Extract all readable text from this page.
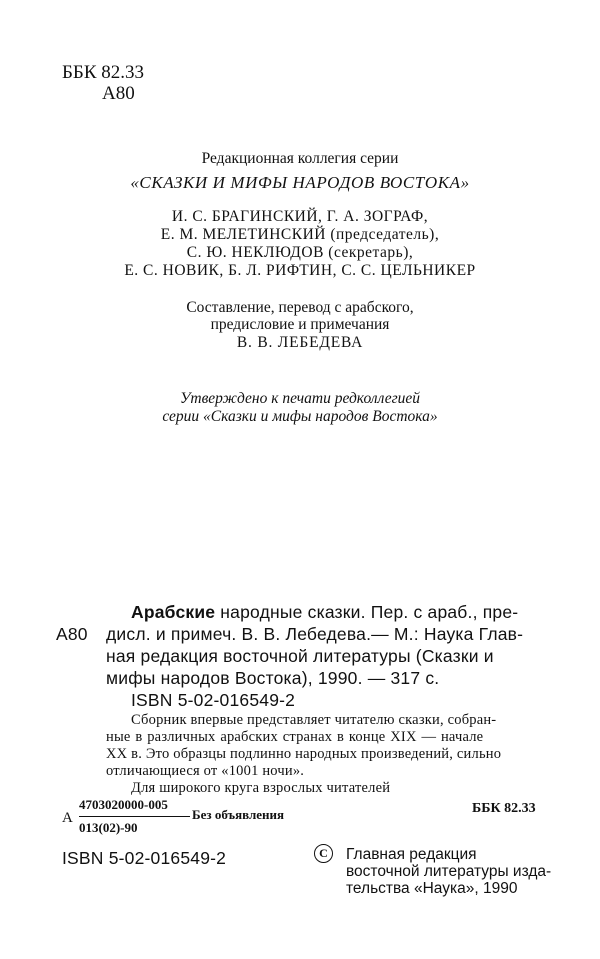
ББК 82.33
А80
Редакционная коллегия серии
«СКАЗКИ И МИФЫ НАРОДОВ ВОСТОКА»
И. С. БРАГИНСКИЙ, Г. А. ЗОГРАФ,
Е. М. МЕЛЕТИНСКИЙ (председатель),
С. Ю. НЕКЛЮДОВ (секретарь),
Е. С. НОВИК, Б. Л. РИФТИН, С. С. ЦЕЛЬНИКЕР
Составление, перевод с арабского,
предисловие и примечания
В. В. ЛЕБЕДЕВА
Утверждено к печати редколлегией
серии «Сказки и мифы народов Востока»
А80
Арабские народные сказки. Пер. с араб., пре-
дисл. и примеч. В. В. Лебедева.— М.: Наука Глав-
ная редакция восточной литературы (Сказки и
мифы народов Востока), 1990. — 317 с.
ISBN 5-02-016549-2
Сборник впервые представляет читателю сказки, собран-
ные в различных арабских странах в конце XIX — начале
XX в. Это образцы подлинно народных произведений, сильно
отличающиеся от «1001 ночи».
Для широкого круга взрослых читателей
А
4703020000-005
013(02)-90
Без объявления	ББК 82.33
ISBN 5-02-016549-2	C	Главная редакция
восточной литературы изда-
тельства «Наука», 1990
